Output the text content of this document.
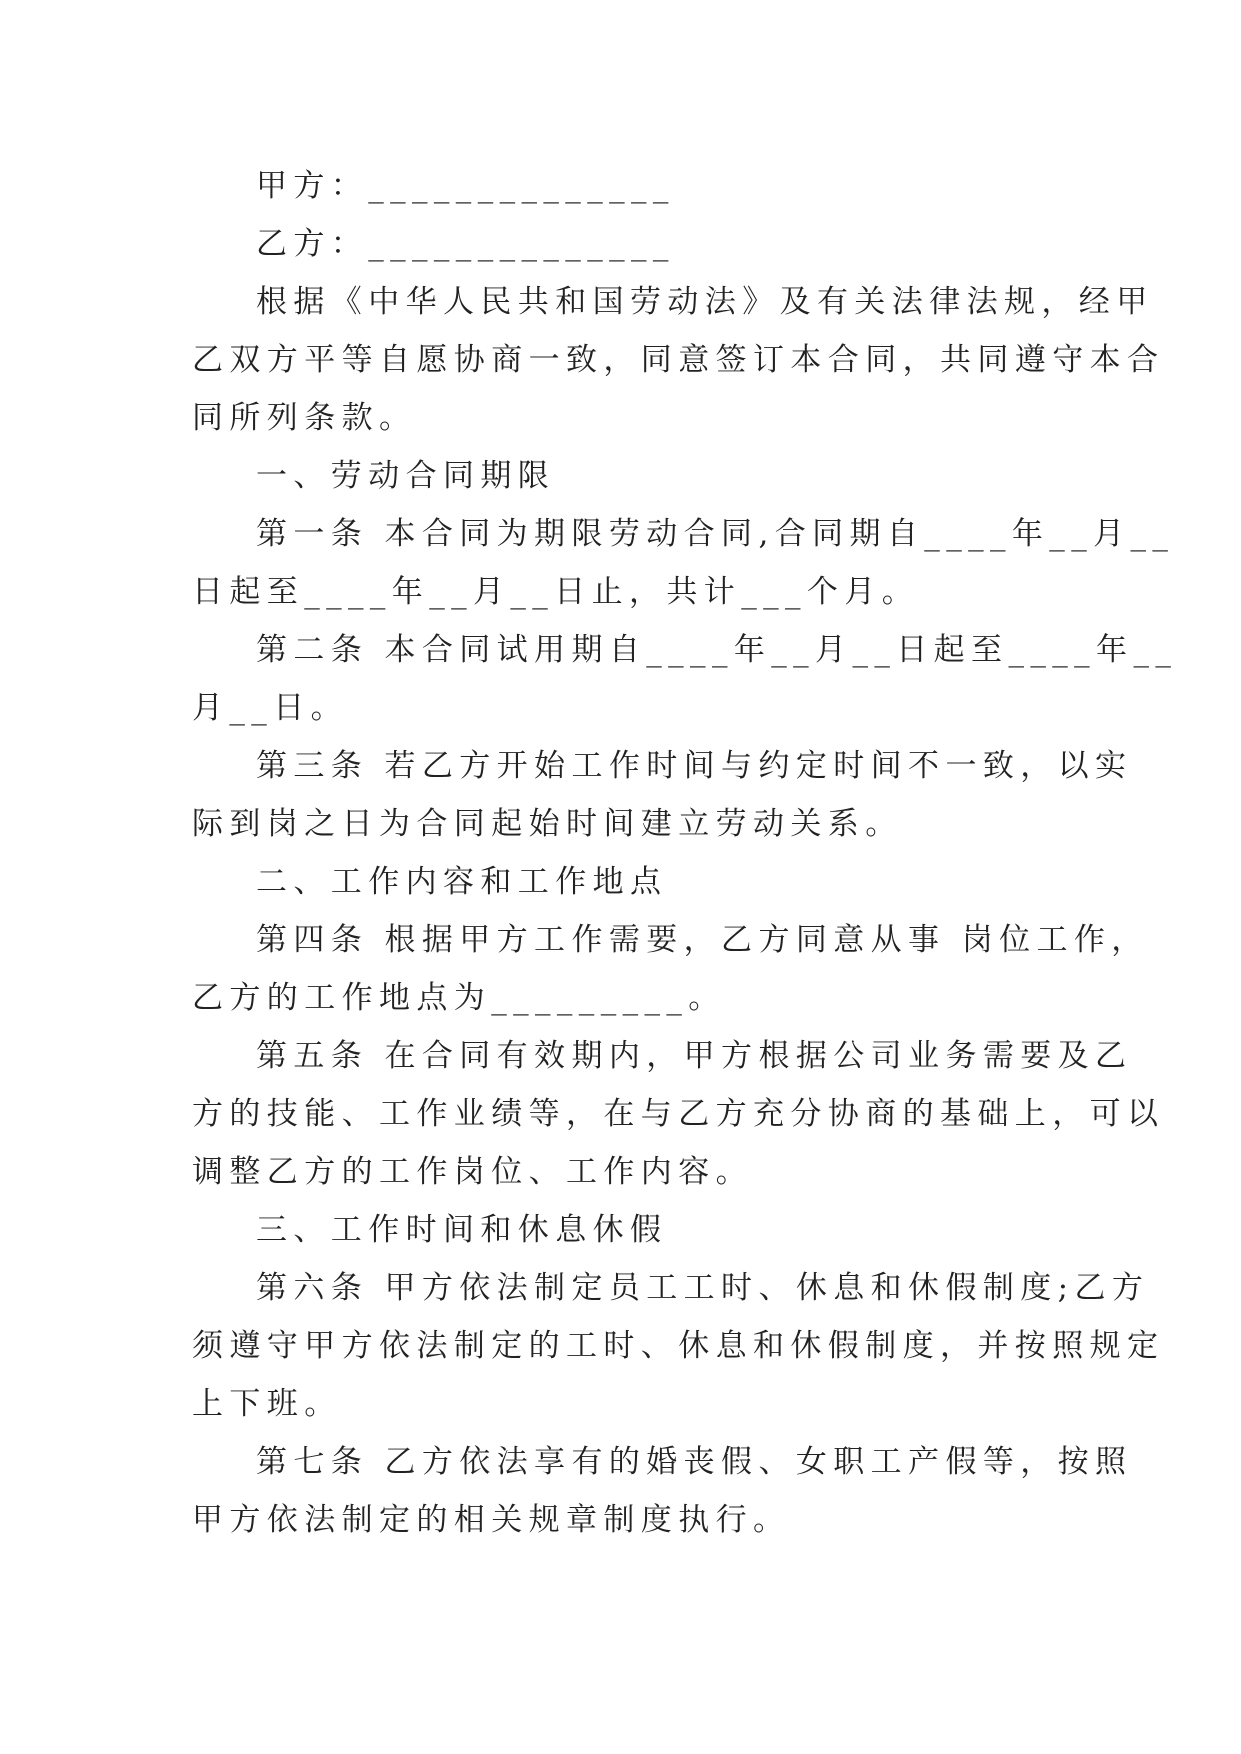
甲方：______________
乙方：______________
根据《中华人民共和国劳动法》及有关法律法规，经甲
乙双方平等自愿协商一致，同意签订本合同，共同遵守本合
同所列条款。
一、劳动合同期限
第一条 本合同为期限劳动合同,合同期自____年__月__
日起至____年__月__日止，共计___个月。
第二条 本合同试用期自____年__月__日起至____年__
月__日。
第三条 若乙方开始工作时间与约定时间不一致，以实
际到岗之日为合同起始时间建立劳动关系。
二、工作内容和工作地点
第四条 根据甲方工作需要，乙方同意从事 岗位工作，
乙方的工作地点为_________。
第五条 在合同有效期内，甲方根据公司业务需要及乙
方的技能、工作业绩等，在与乙方充分协商的基础上，可以
调整乙方的工作岗位、工作内容。
三、工作时间和休息休假
第六条 甲方依法制定员工工时、休息和休假制度;乙方
须遵守甲方依法制定的工时、休息和休假制度，并按照规定
上下班。
第七条 乙方依法享有的婚丧假、女职工产假等，按照
甲方依法制定的相关规章制度执行。
